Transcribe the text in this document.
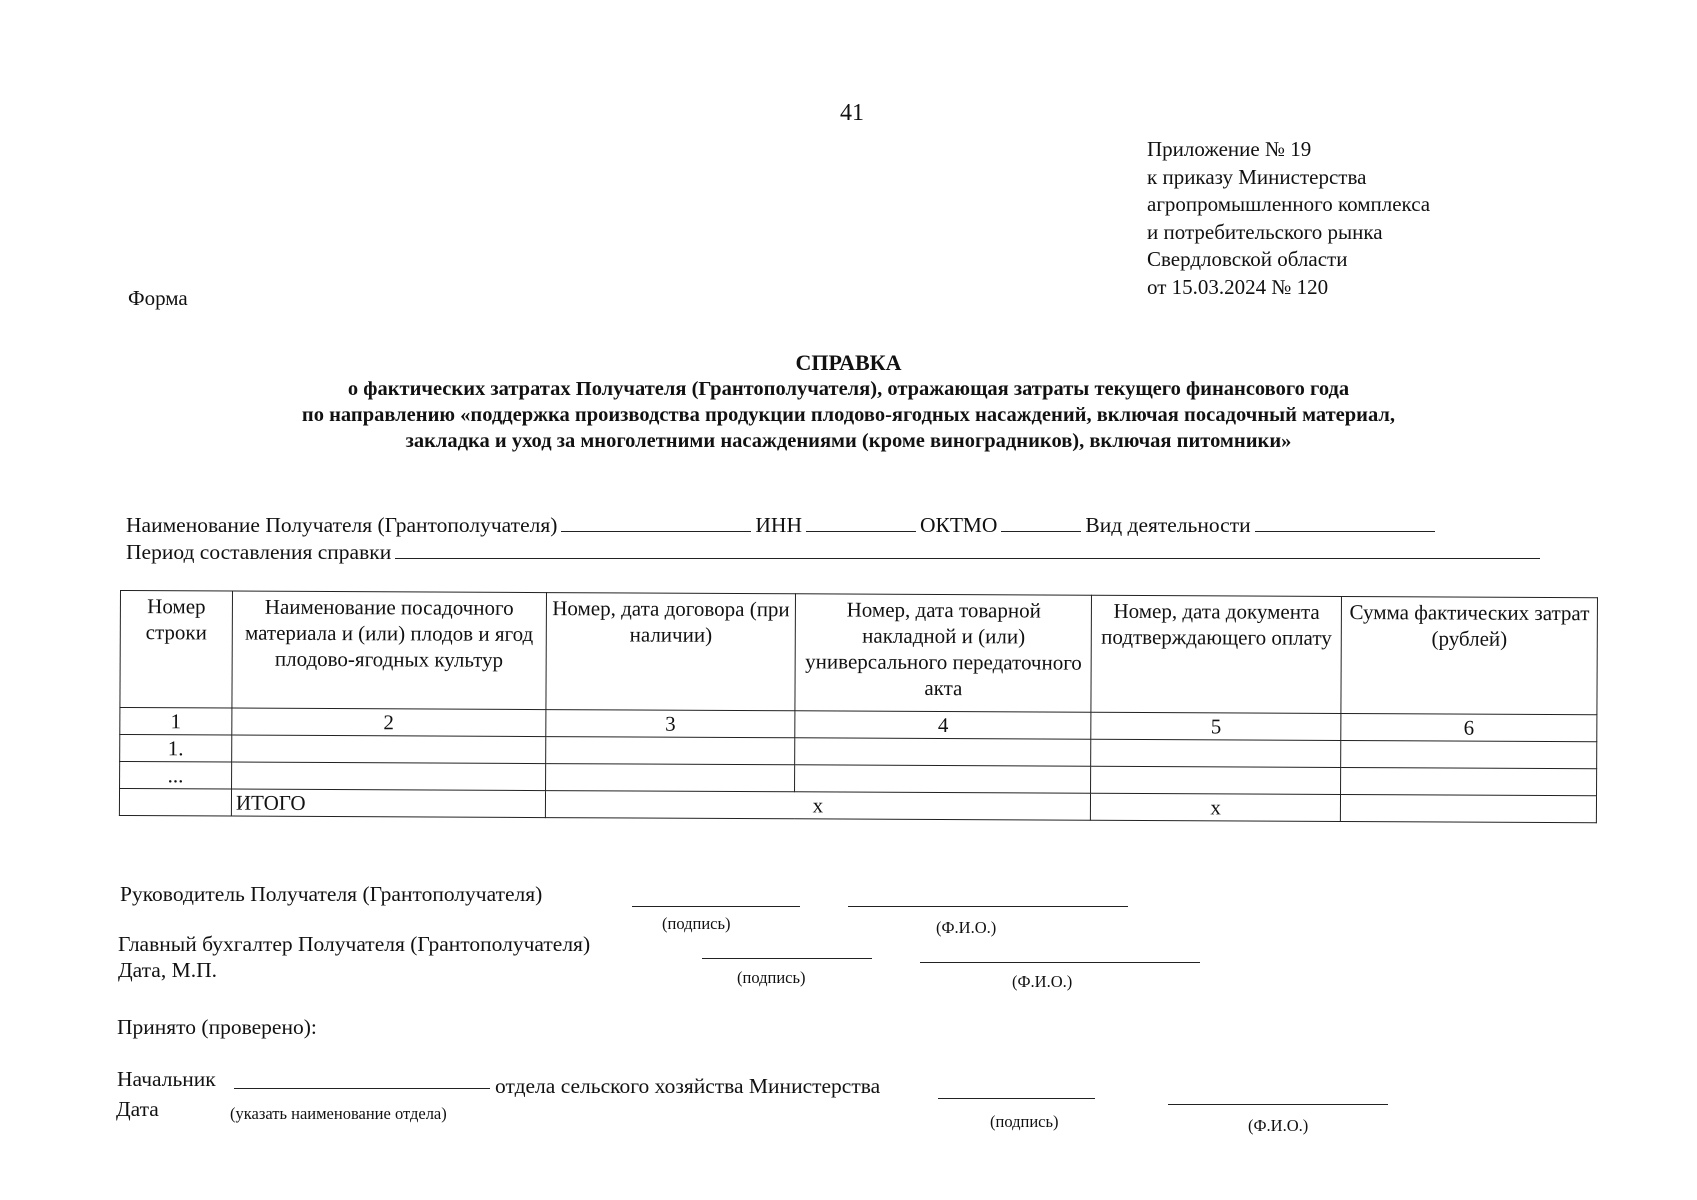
41
Приложение № 19
к приказу Министерства
агропромышленного комплекса
и потребительского рынка
Свердловской области
от 15.03.2024 № 120
Форма
СПРАВКА
о фактических затратах Получателя (Грантополучателя), отражающая затраты текущего финансового года
по направлению «поддержка производства продукции плодово-ягодных насаждений, включая посадочный материал,
закладка и уход за многолетними насаждениями (кроме виноградников), включая питомники»
Наименование Получателя (Грантополучателя)	ИНН	ОКТМО	Вид деятельности
Период составления справки
Номер строки	Наименование посадочного материала и (или) плодов и ягод плодово-ягодных культур	Номер, дата договора (при наличии)	Номер, дата товарной накладной и (или) универсального передаточного акта	Номер, дата документа подтверждающего оплату	Сумма фактических затрат (рублей)
1	2	3	4	5	6
1.					
...					
	ИТОГО	х		х	
Руководитель Получателя (Грантополучателя)
(подпись)	(Ф.И.О.)
Главный бухгалтер Получателя (Грантополучателя)
Дата, М.П.	(подпись)	(Ф.И.О.)
Принято (проверено):
Начальник	отдела сельского хозяйства Министерства
Дата	(указать наименование отдела)	(подпись)	(Ф.И.О.)
